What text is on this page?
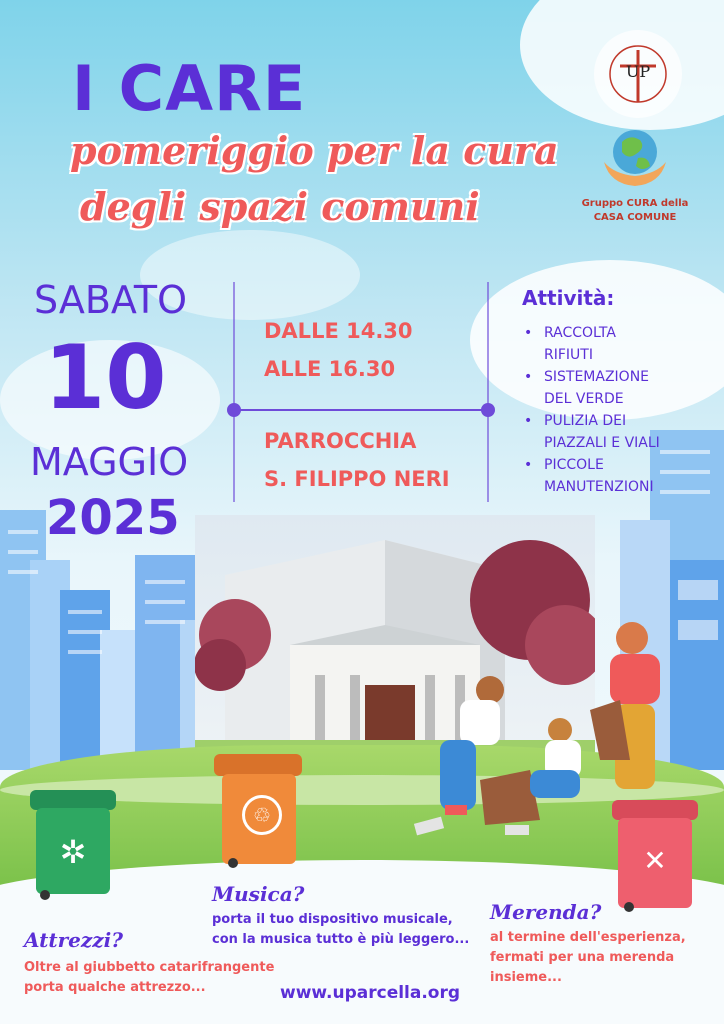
✲
♲
✕
I CARE
pomeriggio per la cura
degli spazi comuni
UP
Gruppo CURA della
CASA COMUNE
SABATO
10
MAGGIO
2025
DALLE 14.30
ALLE 16.30
PARROCCHIA
S. FILIPPO NERI
Attività:
• RACCOLTA
RIFIUTI
• SISTEMAZIONE
DEL VERDE
• PULIZIA DEI
PIAZZALI E VIALI
• PICCOLE
MANUTENZIONI
Musica?
porta il tuo dispositivo musicale,
con la musica tutto è più leggero...
Merenda?
al termine dell'esperienza,
fermati per una merenda
insieme...
Attrezzi?
Oltre al giubbetto catarifrangente
porta qualche attrezzo...	www.uparcella.org
